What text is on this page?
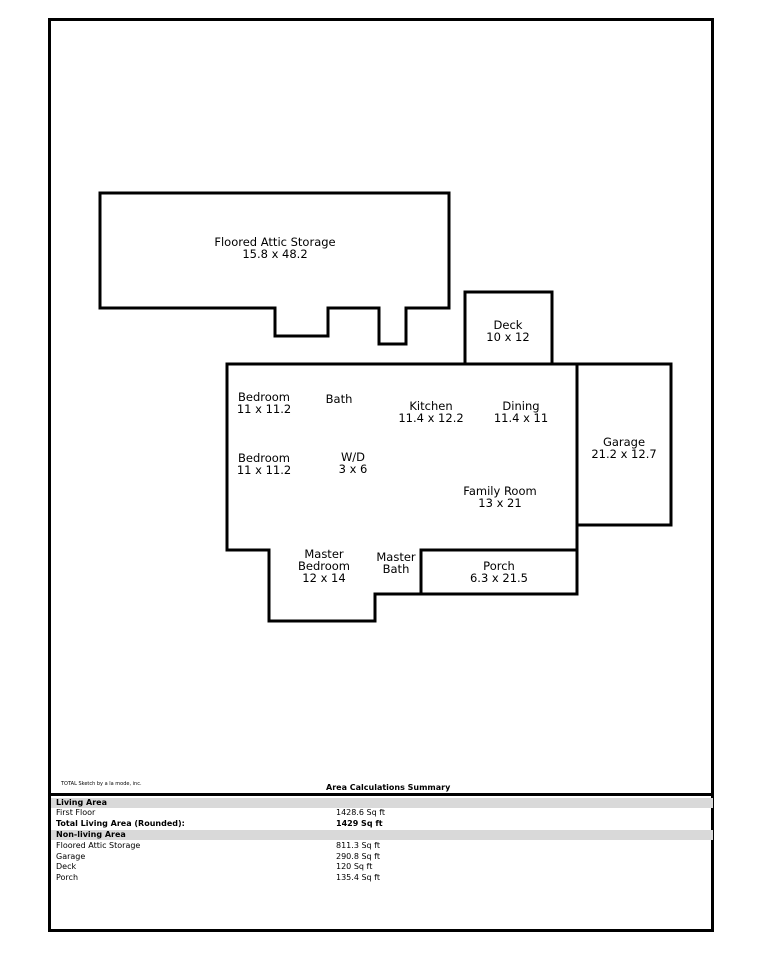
Floored Attic Storage
15.8 x 48.2
Deck
10 x 12
Bedroom
11 x 11.2
Bath	Kitchen
11.4 x 12.2
Dining
11.4 x 11
Bedroom
11 x 11.2
W/D
3 x 6
Garage
21.2 x 12.7
Family Room
13 x 21
Master
Bedroom
12 x 14
Master
Bath	Porch
6.3 x 21.5
TOTAL Sketch by a la mode, inc.	Area Calculations Summary
Living Area
First Floor	1428.6 Sq ft
Total Living Area (Rounded):	1429 Sq ft
Non-living Area
Floored Attic Storage	811.3 Sq ft
Garage	290.8 Sq ft
Deck	120 Sq ft
Porch	135.4 Sq ft
